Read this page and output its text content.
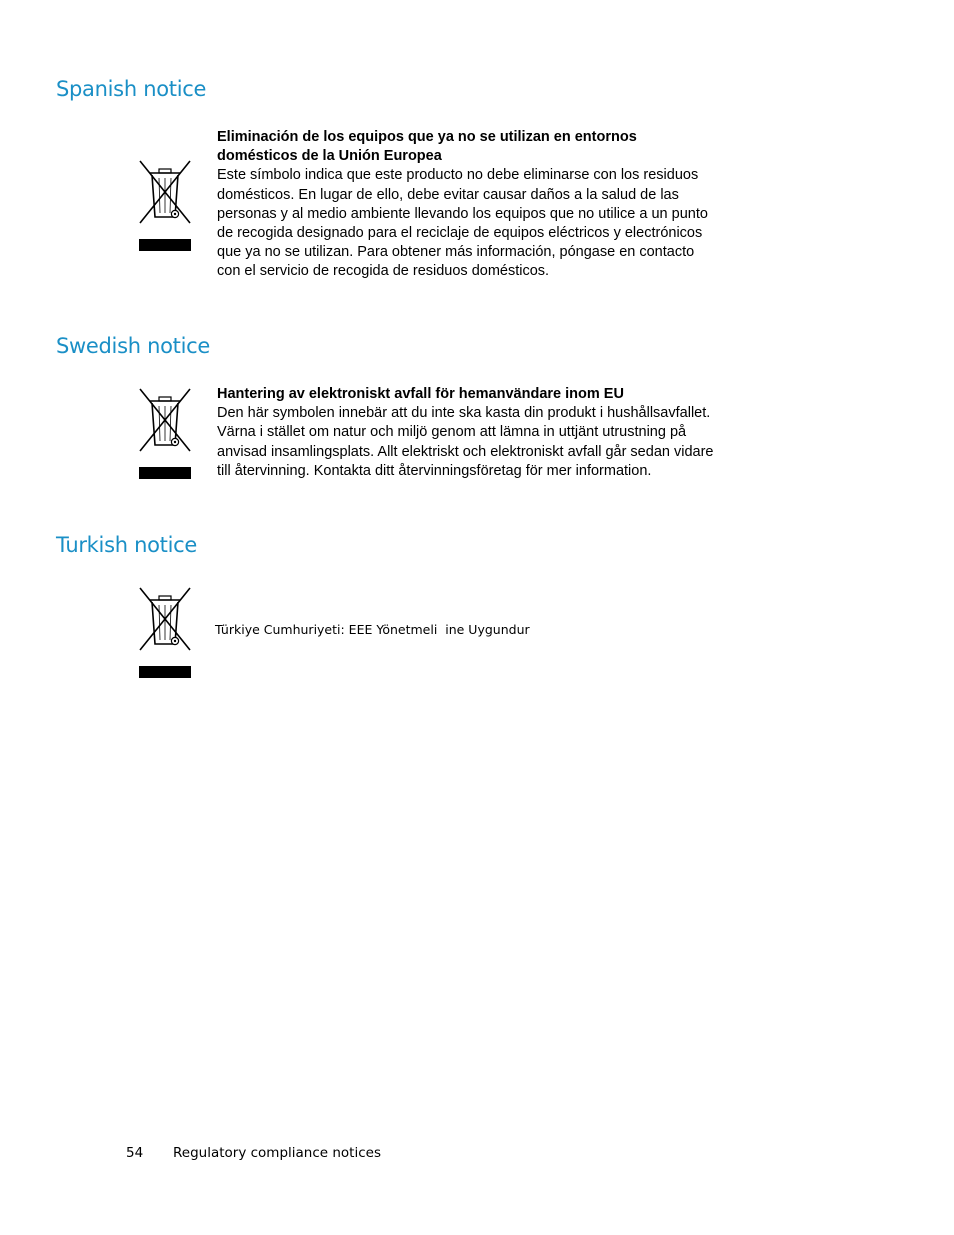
Spanish notice
Eliminación de los equipos que ya no se utilizan en entornos
domésticos de la Unión Europea
Este símbolo indica que este producto no debe eliminarse con los residuos
domésticos. En lugar de ello, debe evitar causar daños a la salud de las
personas y al medio ambiente llevando los equipos que no utilice a un punto
de recogida designado para el reciclaje de equipos eléctricos y electrónicos
que ya no se utilizan. Para obtener más información, póngase en contacto
con el servicio de recogida de residuos domésticos.
Swedish notice
Hantering av elektroniskt avfall för hemanvändare inom EU
Den här symbolen innebär att du inte ska kasta din produkt i hushållsavfallet.
Värna i stället om natur och miljö genom att lämna in uttjänt utrustning på
anvisad insamlingsplats. Allt elektriskt och elektroniskt avfall går sedan vidare
till återvinning. Kontakta ditt återvinningsföretag för mer information.
Turkish notice
Türkiye Cumhuriyeti: EEE Yönetmeli  ine Uygundur
54 Regulatory compliance notices
